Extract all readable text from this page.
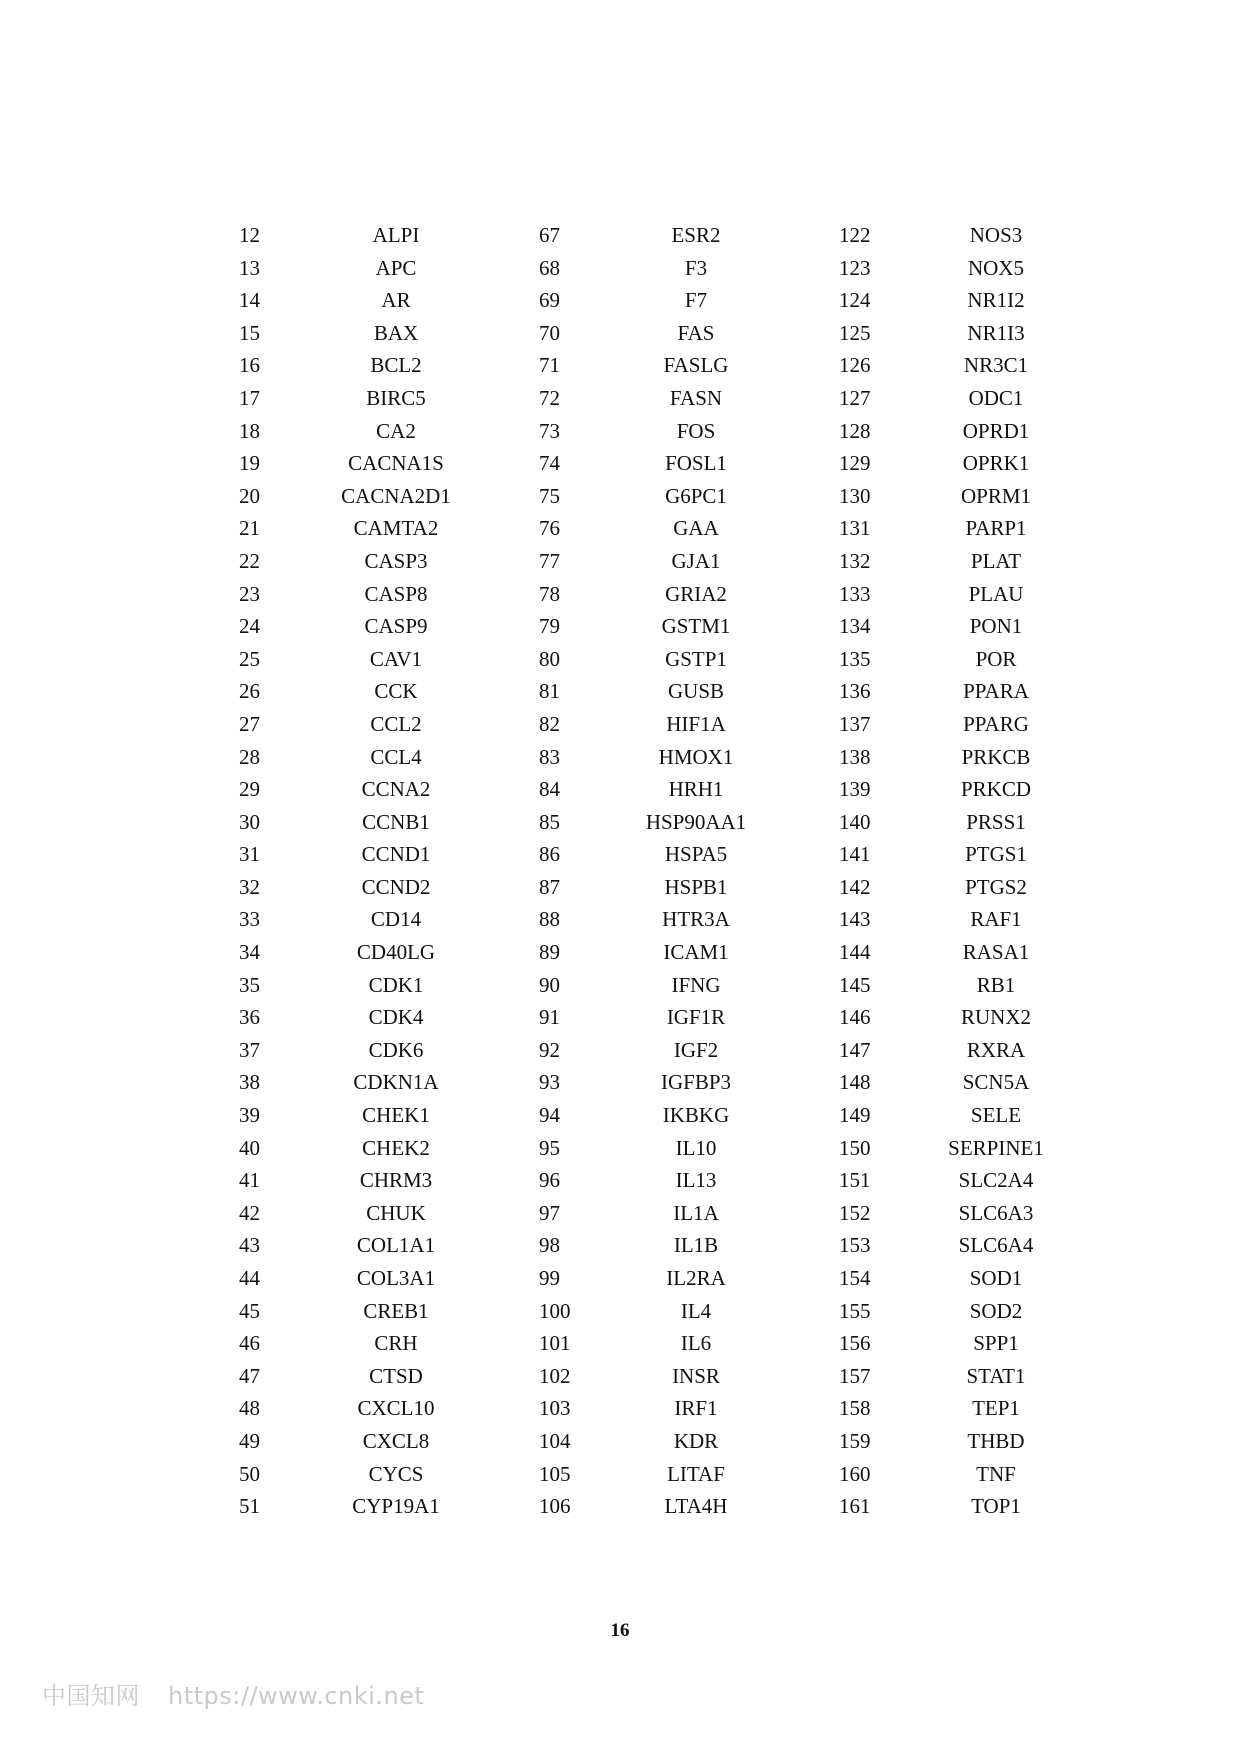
12	ALPI	67	ESR2	122	NOS3
13	APC	68	F3	123	NOX5
14	AR	69	F7	124	NR1I2
15	BAX	70	FAS	125	NR1I3
16	BCL2	71	FASLG	126	NR3C1
17	BIRC5	72	FASN	127	ODC1
18	CA2	73	FOS	128	OPRD1
19	CACNA1S	74	FOSL1	129	OPRK1
20	CACNA2D1	75	G6PC1	130	OPRM1
21	CAMTA2	76	GAA	131	PARP1
22	CASP3	77	GJA1	132	PLAT
23	CASP8	78	GRIA2	133	PLAU
24	CASP9	79	GSTM1	134	PON1
25	CAV1	80	GSTP1	135	POR
26	CCK	81	GUSB	136	PPARA
27	CCL2	82	HIF1A	137	PPARG
28	CCL4	83	HMOX1	138	PRKCB
29	CCNA2	84	HRH1	139	PRKCD
30	CCNB1	85	HSP90AA1	140	PRSS1
31	CCND1	86	HSPA5	141	PTGS1
32	CCND2	87	HSPB1	142	PTGS2
33	CD14	88	HTR3A	143	RAF1
34	CD40LG	89	ICAM1	144	RASA1
35	CDK1	90	IFNG	145	RB1
36	CDK4	91	IGF1R	146	RUNX2
37	CDK6	92	IGF2	147	RXRA
38	CDKN1A	93	IGFBP3	148	SCN5A
39	CHEK1	94	IKBKG	149	SELE
40	CHEK2	95	IL10	150	SERPINE1
41	CHRM3	96	IL13	151	SLC2A4
42	CHUK	97	IL1A	152	SLC6A3
43	COL1A1	98	IL1B	153	SLC6A4
44	COL3A1	99	IL2RA	154	SOD1
45	CREB1	100	IL4	155	SOD2
46	CRH	101	IL6	156	SPP1
47	CTSD	102	INSR	157	STAT1
48	CXCL10	103	IRF1	158	TEP1
49	CXCL8	104	KDR	159	THBD
50	CYCS	105	LITAF	160	TNF
51	CYP19A1	106	LTA4H	161	TOP1
16
中国知网 https://www.cnki.net
